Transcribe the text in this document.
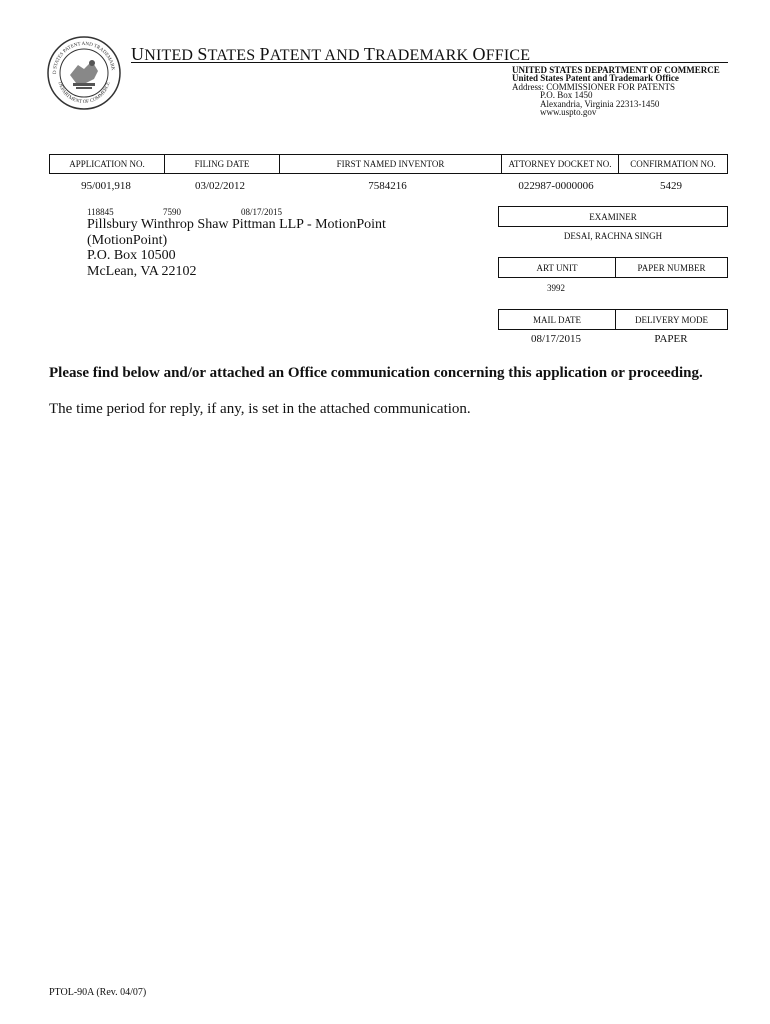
D STATES PATENT AND TRADEMARK
DEPARTMENT OF COMMERCE
UNITED STATES PATENT AND TRADEMARK OFFICE
UNITED STATES DEPARTMENT OF COMMERCE
United States Patent and Trademark Office
Address: COMMISSIONER FOR PATENTS
P.O. Box 1450
Alexandria, Virginia 22313-1450
www.uspto.gov
APPLICATION NO.	FILING DATE	FIRST NAMED INVENTOR	ATTORNEY DOCKET NO.	CONFIRMATION NO.
95/001,918	03/02/2012	7584216	022987-0000006	5429
118845	7590	08/17/2015
Pillsbury Winthrop Shaw Pittman LLP - MotionPoint
(MotionPoint)
P.O. Box 10500
McLean, VA 22102
EXAMINER
DESAI, RACHNA SINGH
ART UNIT	PAPER NUMBER
3992
MAIL DATE	DELIVERY MODE
08/17/2015	PAPER
Please find below and/or attached an Office communication concerning this application or proceeding.
The time period for reply, if any, is set in the attached communication.
PTOL-90A (Rev. 04/07)
